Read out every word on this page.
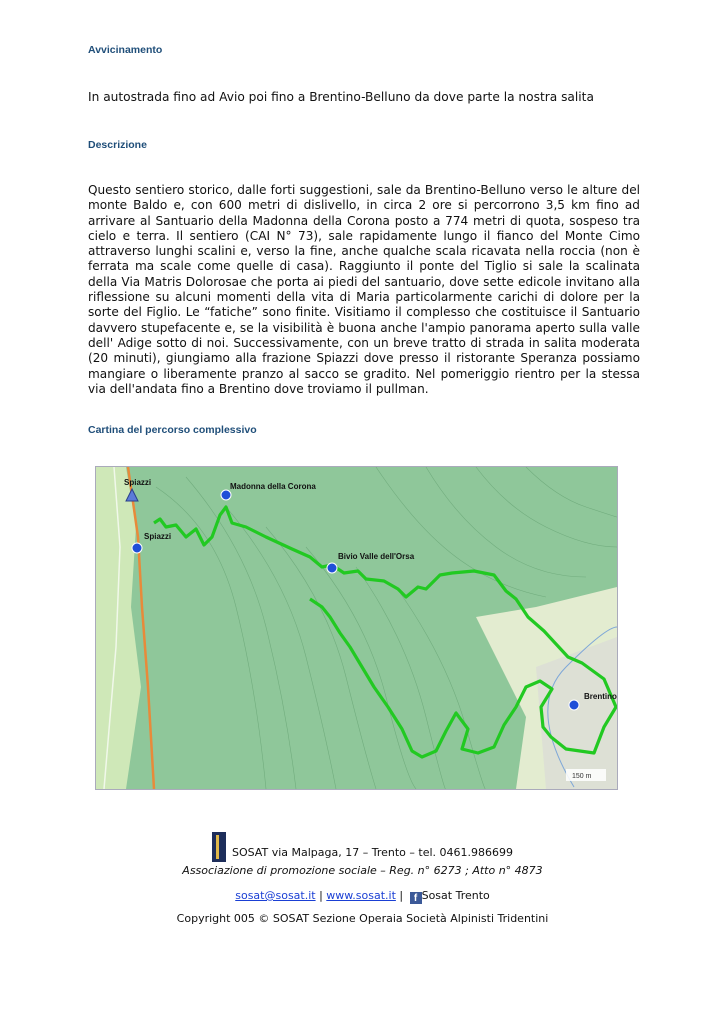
Avvicinamento
In autostrada fino ad Avio poi fino a Brentino-Belluno da dove parte la nostra salita
Descrizione
Questo sentiero storico, dalle forti suggestioni, sale da Brentino-Belluno verso le alture del monte Baldo e, con 600 metri di dislivello, in circa 2 ore si percorrono 3,5 km fino ad arrivare al Santuario della Madonna della Corona posto a 774 metri di quota, sospeso tra cielo e terra. Il sentiero (CAI N° 73), sale rapidamente lungo il fianco del Monte Cimo attraverso lunghi scalini e, verso la fine, anche qualche scala ricavata nella roccia (non è ferrata ma scale come quelle di casa). Raggiunto il ponte del Tiglio si sale la scalinata della Via Matris Dolorosae che porta ai piedi del santuario, dove sette edicole invitano alla riflessione su alcuni momenti della vita di Maria particolarmente carichi di dolore per la sorte del Figlio. Le “fatiche” sono finite. Visitiamo il complesso che costituisce il Santuario davvero stupefacente e, se la visibilità è buona anche l'ampio panorama aperto sulla valle dell' Adige sotto di noi. Successivamente, con un breve tratto di strada in salita moderata (20 minuti), giungiamo alla frazione Spiazzi dove presso il ristorante Speranza possiamo mangiare o liberamente pranzo al sacco se gradito. Nel pomeriggio rientro per la stessa via dell'andata fino a Brentino dove troviamo il pullman.
Cartina del percorso complessivo
Spiazzi
Spiazzi
Madonna della Corona
Bivio Valle dell'Orsa
Brentino
150 m
SOSAT via Malpaga, 17 – Trento – tel. 0461.986699
Associazione di promozione sociale – Reg. n° 6273 ; Atto n° 4873
sosat@sosat.it | www.sosat.it | f Sosat Trento
Copyright 005 © SOSAT Sezione Operaia Società Alpinisti Tridentini
